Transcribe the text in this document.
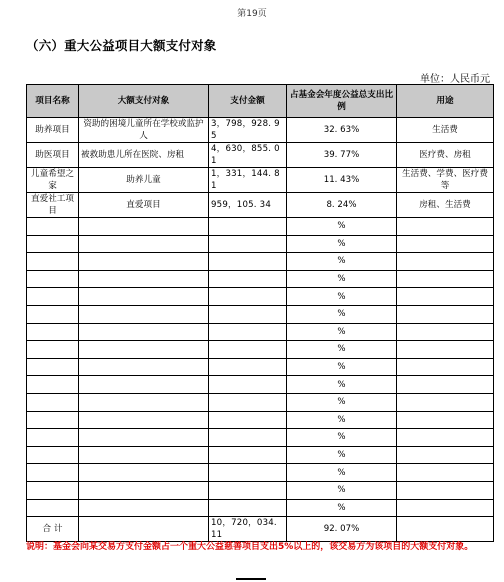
第19页
（六）重大公益项目大额支付对象
单位：人民币元
项目名称	大额支付对象	支付金额	占基金会年度公益总支出比例	用途
助养项目	资助的困境儿童所在学校或监护人	3，798，928. 95	32. 63%	生活费
助医项目	被救助患儿所在医院、房租	4，630，855. 01	39. 77%	医疗费、房租
儿童希望之家	助养儿童	1，331，144. 81	11. 43%	生活费、学费、医疗费等
直爱社工项目	直爱项目	959，105. 34	8. 24%	房租、生活费
			%	
			%	
			%	
			%	
			%	
			%	
			%	
			%	
			%	
			%	
			%	
			%	
			%	
			%	
			%	
			%	
			%	
合 计		10，720，034. 11	92. 07%	
说明：基金会向某交易方支付金额占一个重大公益慈善项目支出5%以上的，该交易方为该项目的大额支付对象。
